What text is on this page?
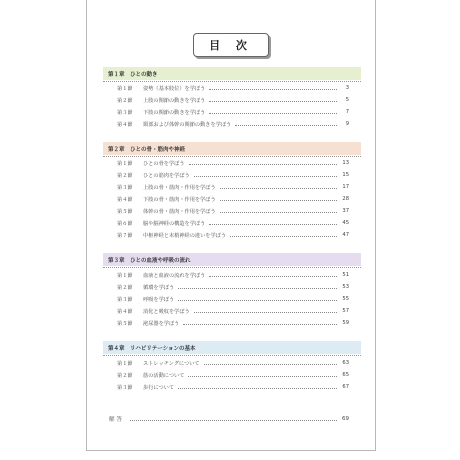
目 次
第１章　ひとの動き
第１節	姿勢（基本肢位）を学ぼう	3
第２節	上肢の関節の動きを学ぼう	5
第３節	下肢の関節の動きを学ぼう	7
第４節	頸部および体幹の関節の動きを学ぼう	9
第２章　ひとの骨・筋肉や神経
第１節	ひとの骨を学ぼう	13
第２節	ひとの筋肉を学ぼう	15
第３節	上肢の骨・筋肉・作用を学ぼう	17
第４節	下肢の骨・筋肉・作用を学ぼう	28
第５節	体幹の骨・筋肉・作用を学ぼう	37
第６節	脳や脳神経の構造を学ぼう	45
第７節	中枢神経と末梢神経の違いを学ぼう	47
第３章　ひとの血液や呼吸の流れ
第１節	血液と血液の流れを学ぼう	51
第２節	循環を学ぼう	53
第３節	呼吸を学ぼう	55
第４節	消化と吸収を学ぼう	57
第５節	泌尿器を学ぼう	59
第４章　リハビリテーションの基本
第１節	ストレッチングについて	63
第２節	筋の活動について	65
第３節	歩行について	67
解答	69
